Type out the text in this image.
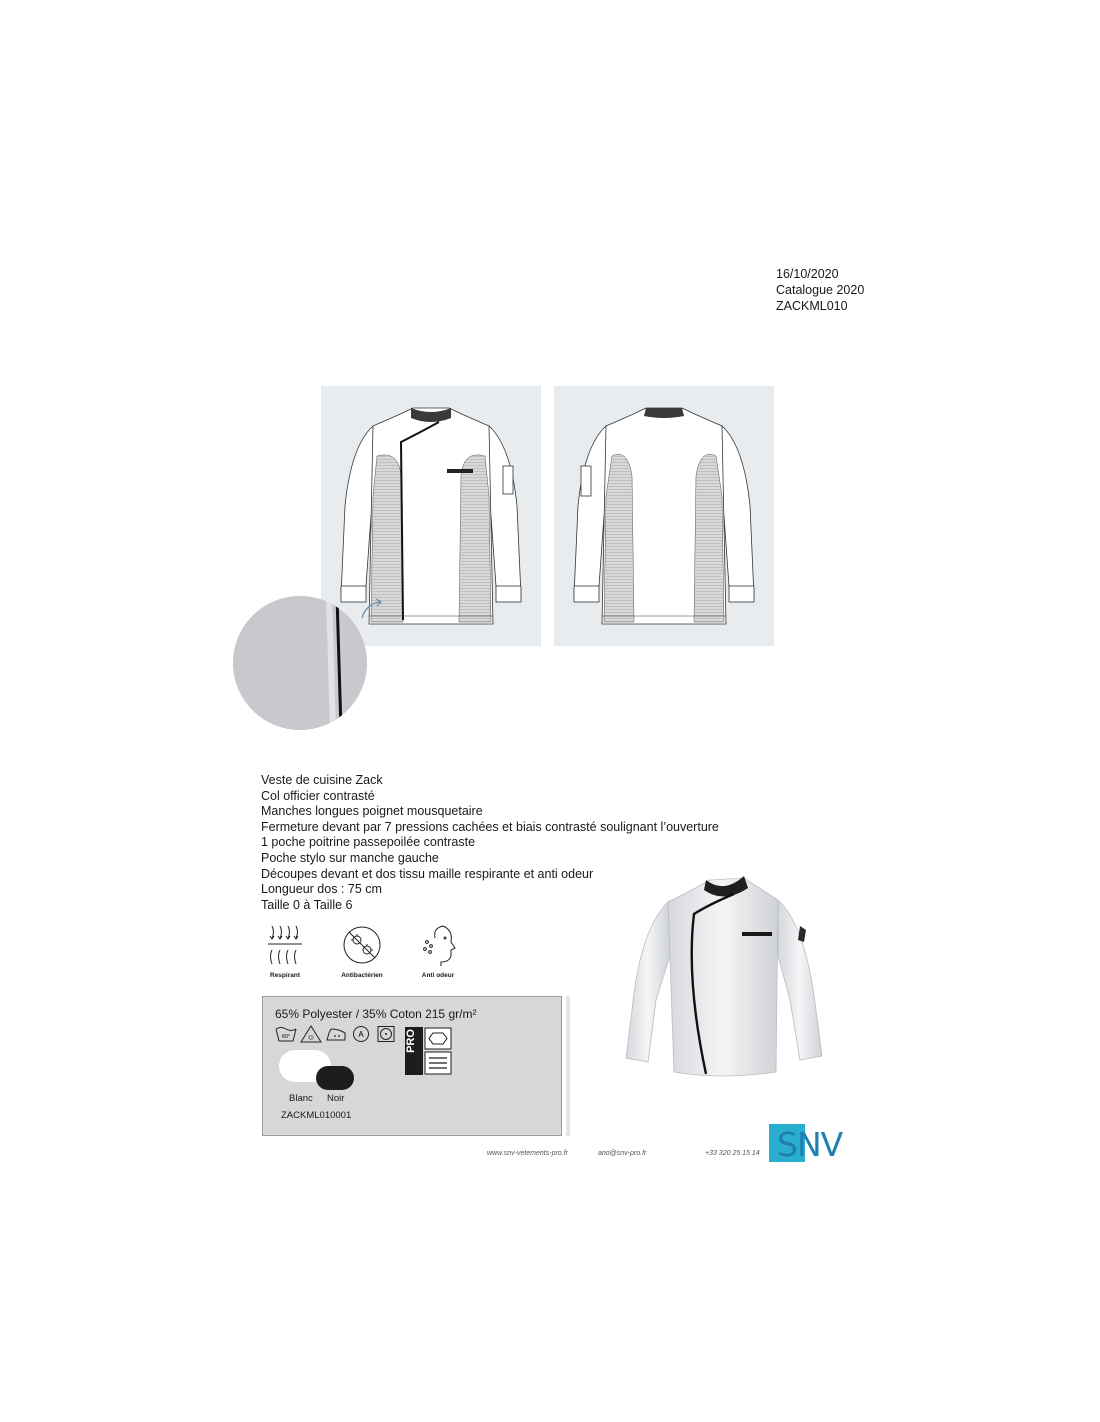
16/10/2020
Catalogue 2020
ZACKML010
Veste de cuisine Zack
Col officier contrasté
Manches longues poignet mousquetaire
Fermeture devant par 7 pressions cachées et biais contrasté soulignant l’ouverture
1 poche poitrine passepoilée contraste
Poche stylo sur manche gauche
Découpes devant et dos tissu maille respirante et anti odeur
Longueur dos : 75 cm
Taille 0 à Taille 6
Respirant	Antibactérien	Anti odeur
65% Polyester / 35% Coton 215 gr/m²
60°	Cl	A	PRO
Blanc Noir
ZACKML010001
www.snv-vetements-pro.fr	ano@snv-pro.fr	+33 320 25 15 14 SNV
